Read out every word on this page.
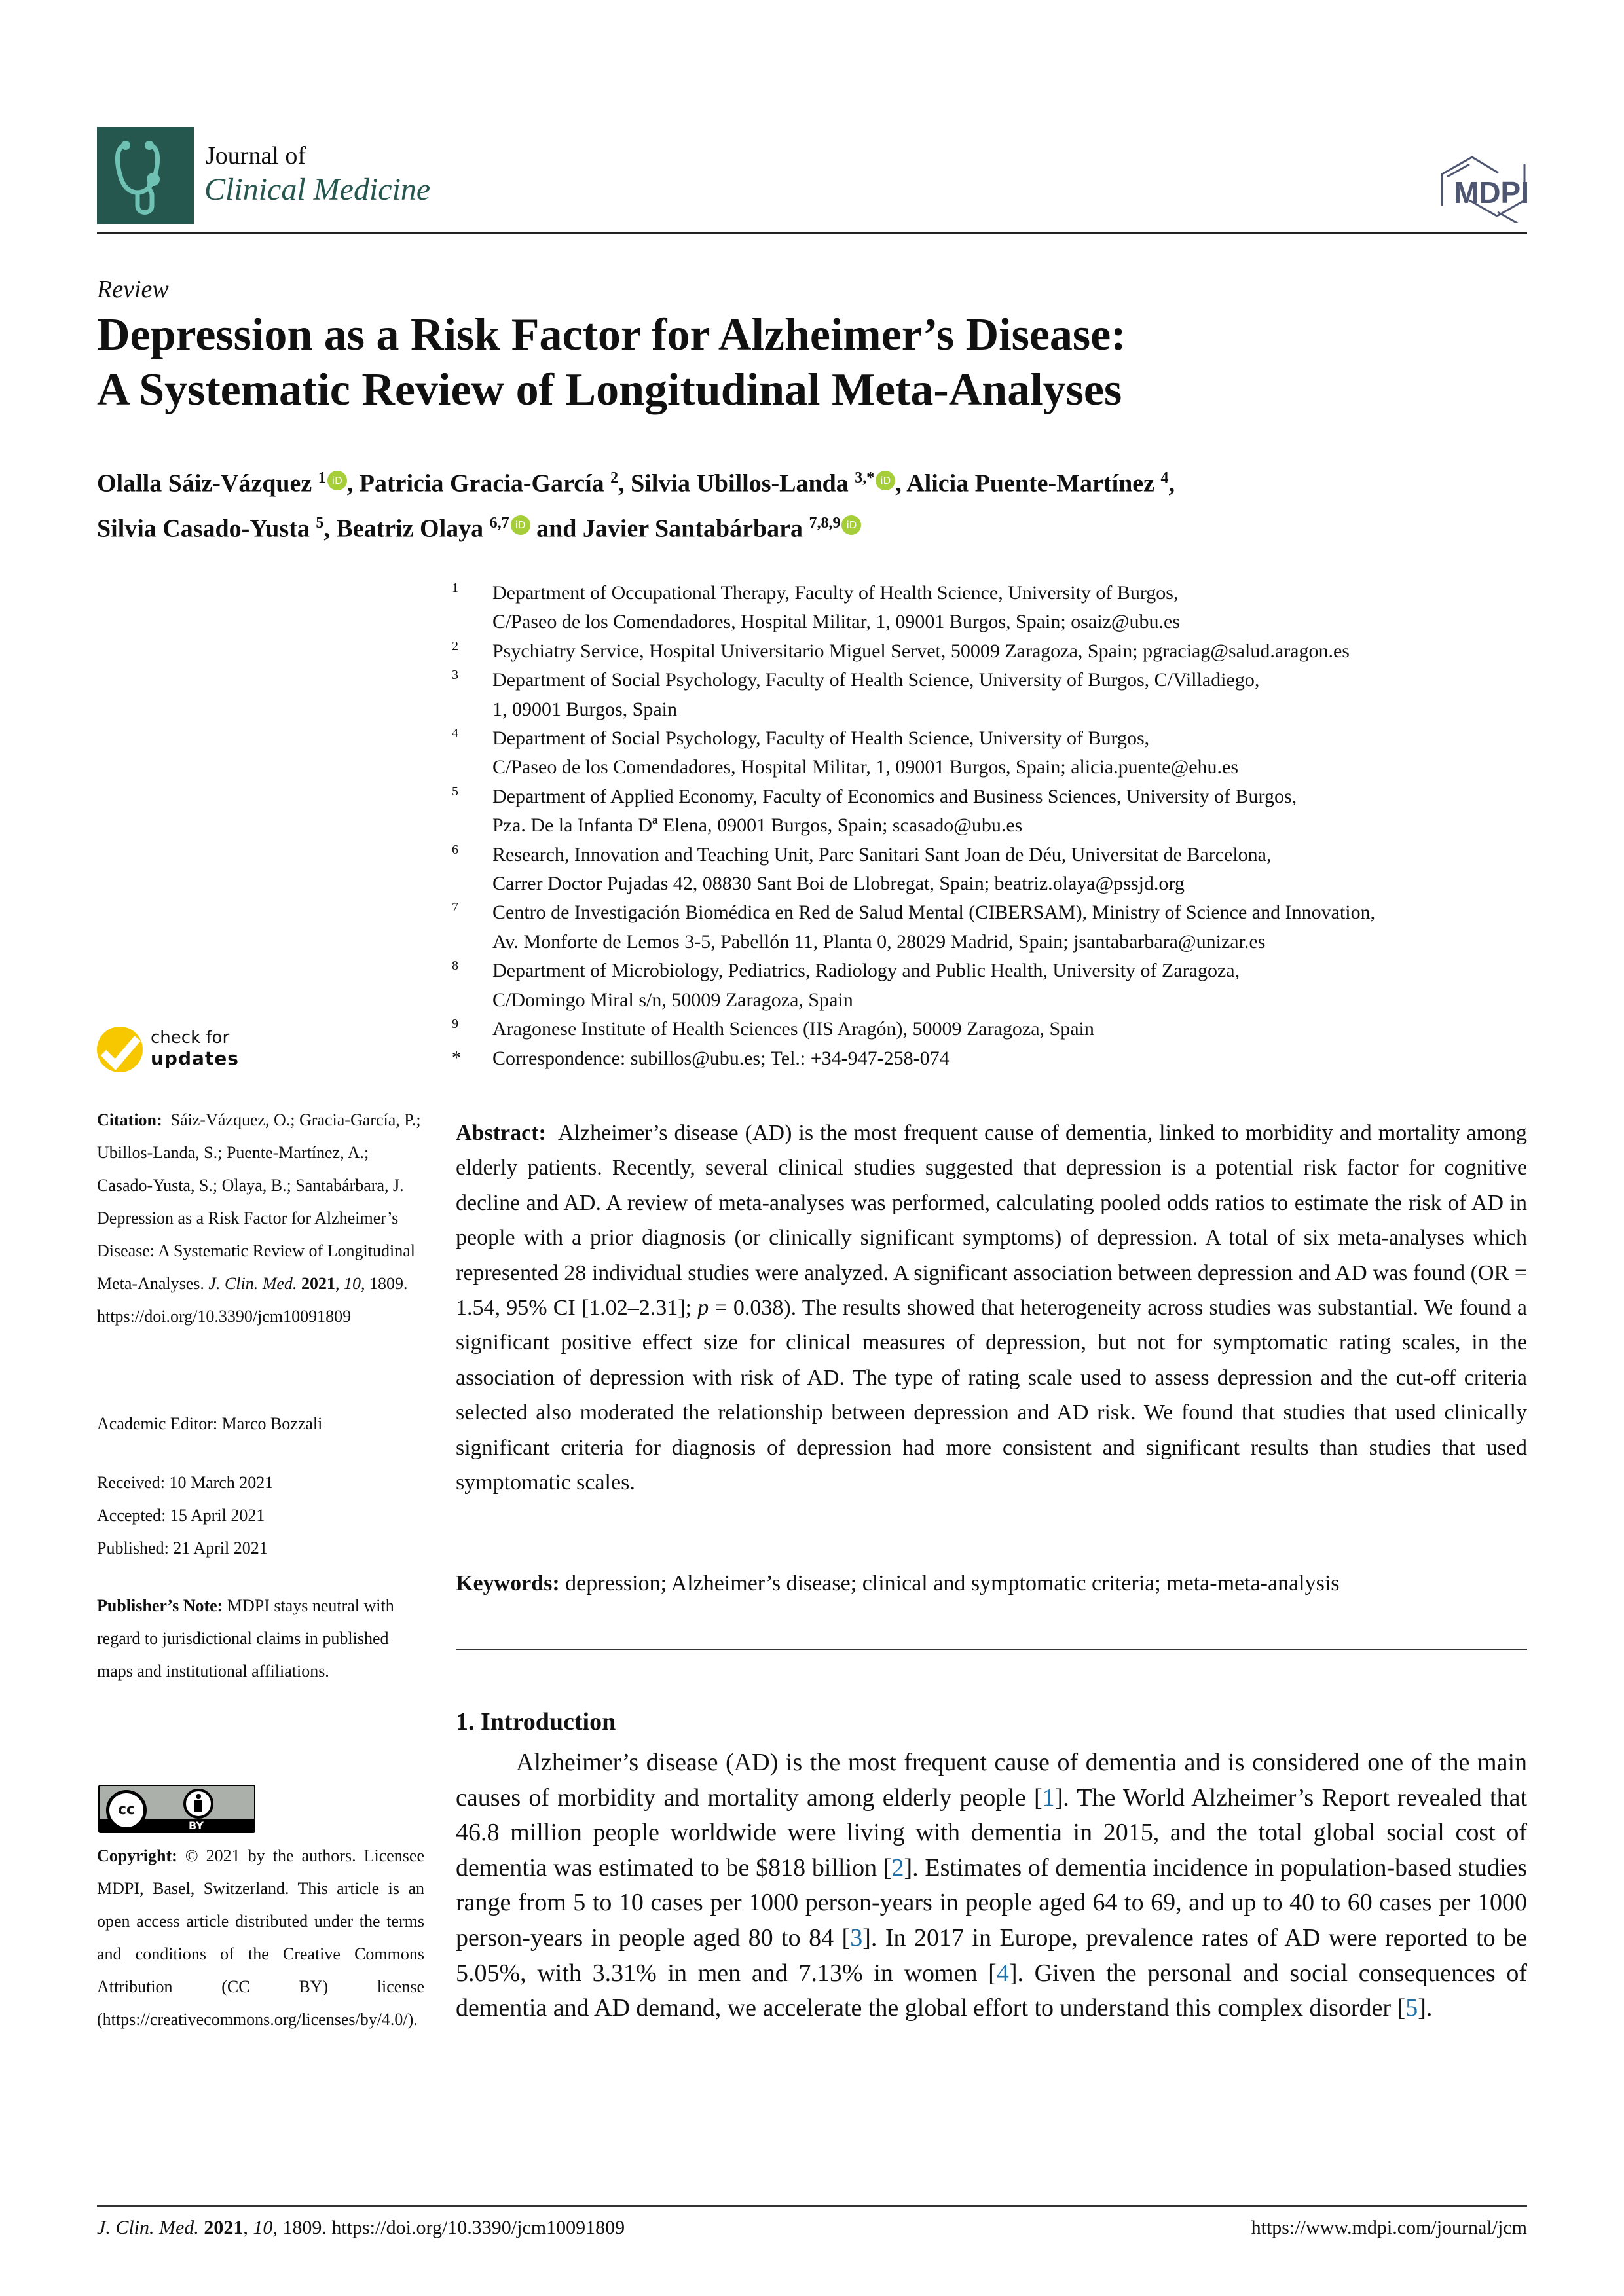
Journal of
Clinical Medicine	MDPI
Review
Depression as a Risk Factor for Alzheimer’s Disease:
A Systematic Review of Longitudinal Meta-Analyses
Olalla Sáiz-Vázquez $^1$ iD , Patricia Gracia-García $^2$, Silvia Ubillos-Landa $^{3,*}$ iD , Alicia Puente-Martínez $^4$,
Silvia Casado-Yusta $^5$, Beatriz Olaya $^{6,7}$ iD and Javier Santabárbara $^{7,8,9}$ iD
1 Department of Occupational Therapy, Faculty of Health Science, University of Burgos,
C/Paseo de los Comendadores, Hospital Militar, 1, 09001 Burgos, Spain; osaiz@ubu.es
2 Psychiatry Service, Hospital Universitario Miguel Servet, 50009 Zaragoza, Spain; pgraciag@salud.aragon.es
3 Department of Social Psychology, Faculty of Health Science, University of Burgos, C/Villadiego,
1, 09001 Burgos, Spain
4 Department of Social Psychology, Faculty of Health Science, University of Burgos,
C/Paseo de los Comendadores, Hospital Militar, 1, 09001 Burgos, Spain; alicia.puente@ehu.es
5 Department of Applied Economy, Faculty of Economics and Business Sciences, University of Burgos,
Pza. De la Infanta Dª Elena, 09001 Burgos, Spain; scasado@ubu.es
6 Research, Innovation and Teaching Unit, Parc Sanitari Sant Joan de Déu, Universitat de Barcelona,
Carrer Doctor Pujadas 42, 08830 Sant Boi de Llobregat, Spain; beatriz.olaya@pssjd.org
7 Centro de Investigación Biomédica en Red de Salud Mental (CIBERSAM), Ministry of Science and Innovation,
Av. Monforte de Lemos 3-5, Pabellón 11, Planta 0, 28029 Madrid, Spain; jsantabarbara@unizar.es
8 Department of Microbiology, Pediatrics, Radiology and Public Health, University of Zaragoza,
C/Domingo Miral s/n, 50009 Zaragoza, Spain
9 Aragonese Institute of Health Sciences (IIS Aragón), 50009 Zaragoza, Spain
* Correspondence: subillos@ubu.es; Tel.: +34-947-258-074
check for
updates
Citation: Sáiz-Vázquez, O.; Gracia-García, P.; Ubillos-Landa, S.; Puente-Martínez, A.; Casado-Yusta, S.; Olaya, B.; Santabárbara, J. Depression as a Risk Factor for Alzheimer’s Disease: A Systematic Review of Longitudinal Meta-Analyses. J. Clin. Med. 2021, 10, 1809. https://doi.org/10.3390/jcm10091809
Academic Editor: Marco Bozzali
Received: 10 March 2021
Accepted: 15 April 2021
Published: 21 April 2021
Publisher’s Note: MDPI stays neutral with regard to jurisdictional claims in published maps and institutional affiliations.
cc
BY
Copyright: © 2021 by the authors. Licensee MDPI, Basel, Switzerland. This article is an open access article distributed under the terms and conditions of the Creative Commons Attribution (CC BY) license (https://creativecommons.org/licenses/by/4.0/).
Abstract: Alzheimer’s disease (AD) is the most frequent cause of dementia, linked to morbidity and mortality among elderly patients. Recently, several clinical studies suggested that depression is a potential risk factor for cognitive decline and AD. A review of meta-analyses was performed, calculating pooled odds ratios to estimate the risk of AD in people with a prior diagnosis (or clinically significant symptoms) of depression. A total of six meta-analyses which represented 28 individual studies were analyzed. A significant association between depression and AD was found (OR = 1.54, 95% CI [1.02–2.31]; p = 0.038). The results showed that heterogeneity across studies was substantial. We found a significant positive effect size for clinical measures of depression, but not for symptomatic rating scales, in the association of depression with risk of AD. The type of rating scale used to assess depression and the cut-off criteria selected also moderated the relationship between depression and AD risk. We found that studies that used clinically significant criteria for diagnosis of depression had more consistent and significant results than studies that used symptomatic scales.
Keywords: depression; Alzheimer’s disease; clinical and symptomatic criteria; meta-meta-analysis
1. Introduction
Alzheimer’s disease (AD) is the most frequent cause of dementia and is considered one of the main causes of morbidity and mortality among elderly people [1]. The World Alzheimer’s Report revealed that 46.8 million people worldwide were living with dementia in 2015, and the total global social cost of dementia was estimated to be $818 billion [2]. Estimates of dementia incidence in population-based studies range from 5 to 10 cases per 1000 person-years in people aged 64 to 69, and up to 40 to 60 cases per 1000 person-years in people aged 80 to 84 [3]. In 2017 in Europe, prevalence rates of AD were reported to be 5.05%, with 3.31% in men and 7.13% in women [4]. Given the personal and social consequences of dementia and AD demand, we accelerate the global effort to understand this complex disorder [5].
J. Clin. Med. 2021, 10, 1809. https://doi.org/10.3390/jcm10091809	https://www.mdpi.com/journal/jcm
